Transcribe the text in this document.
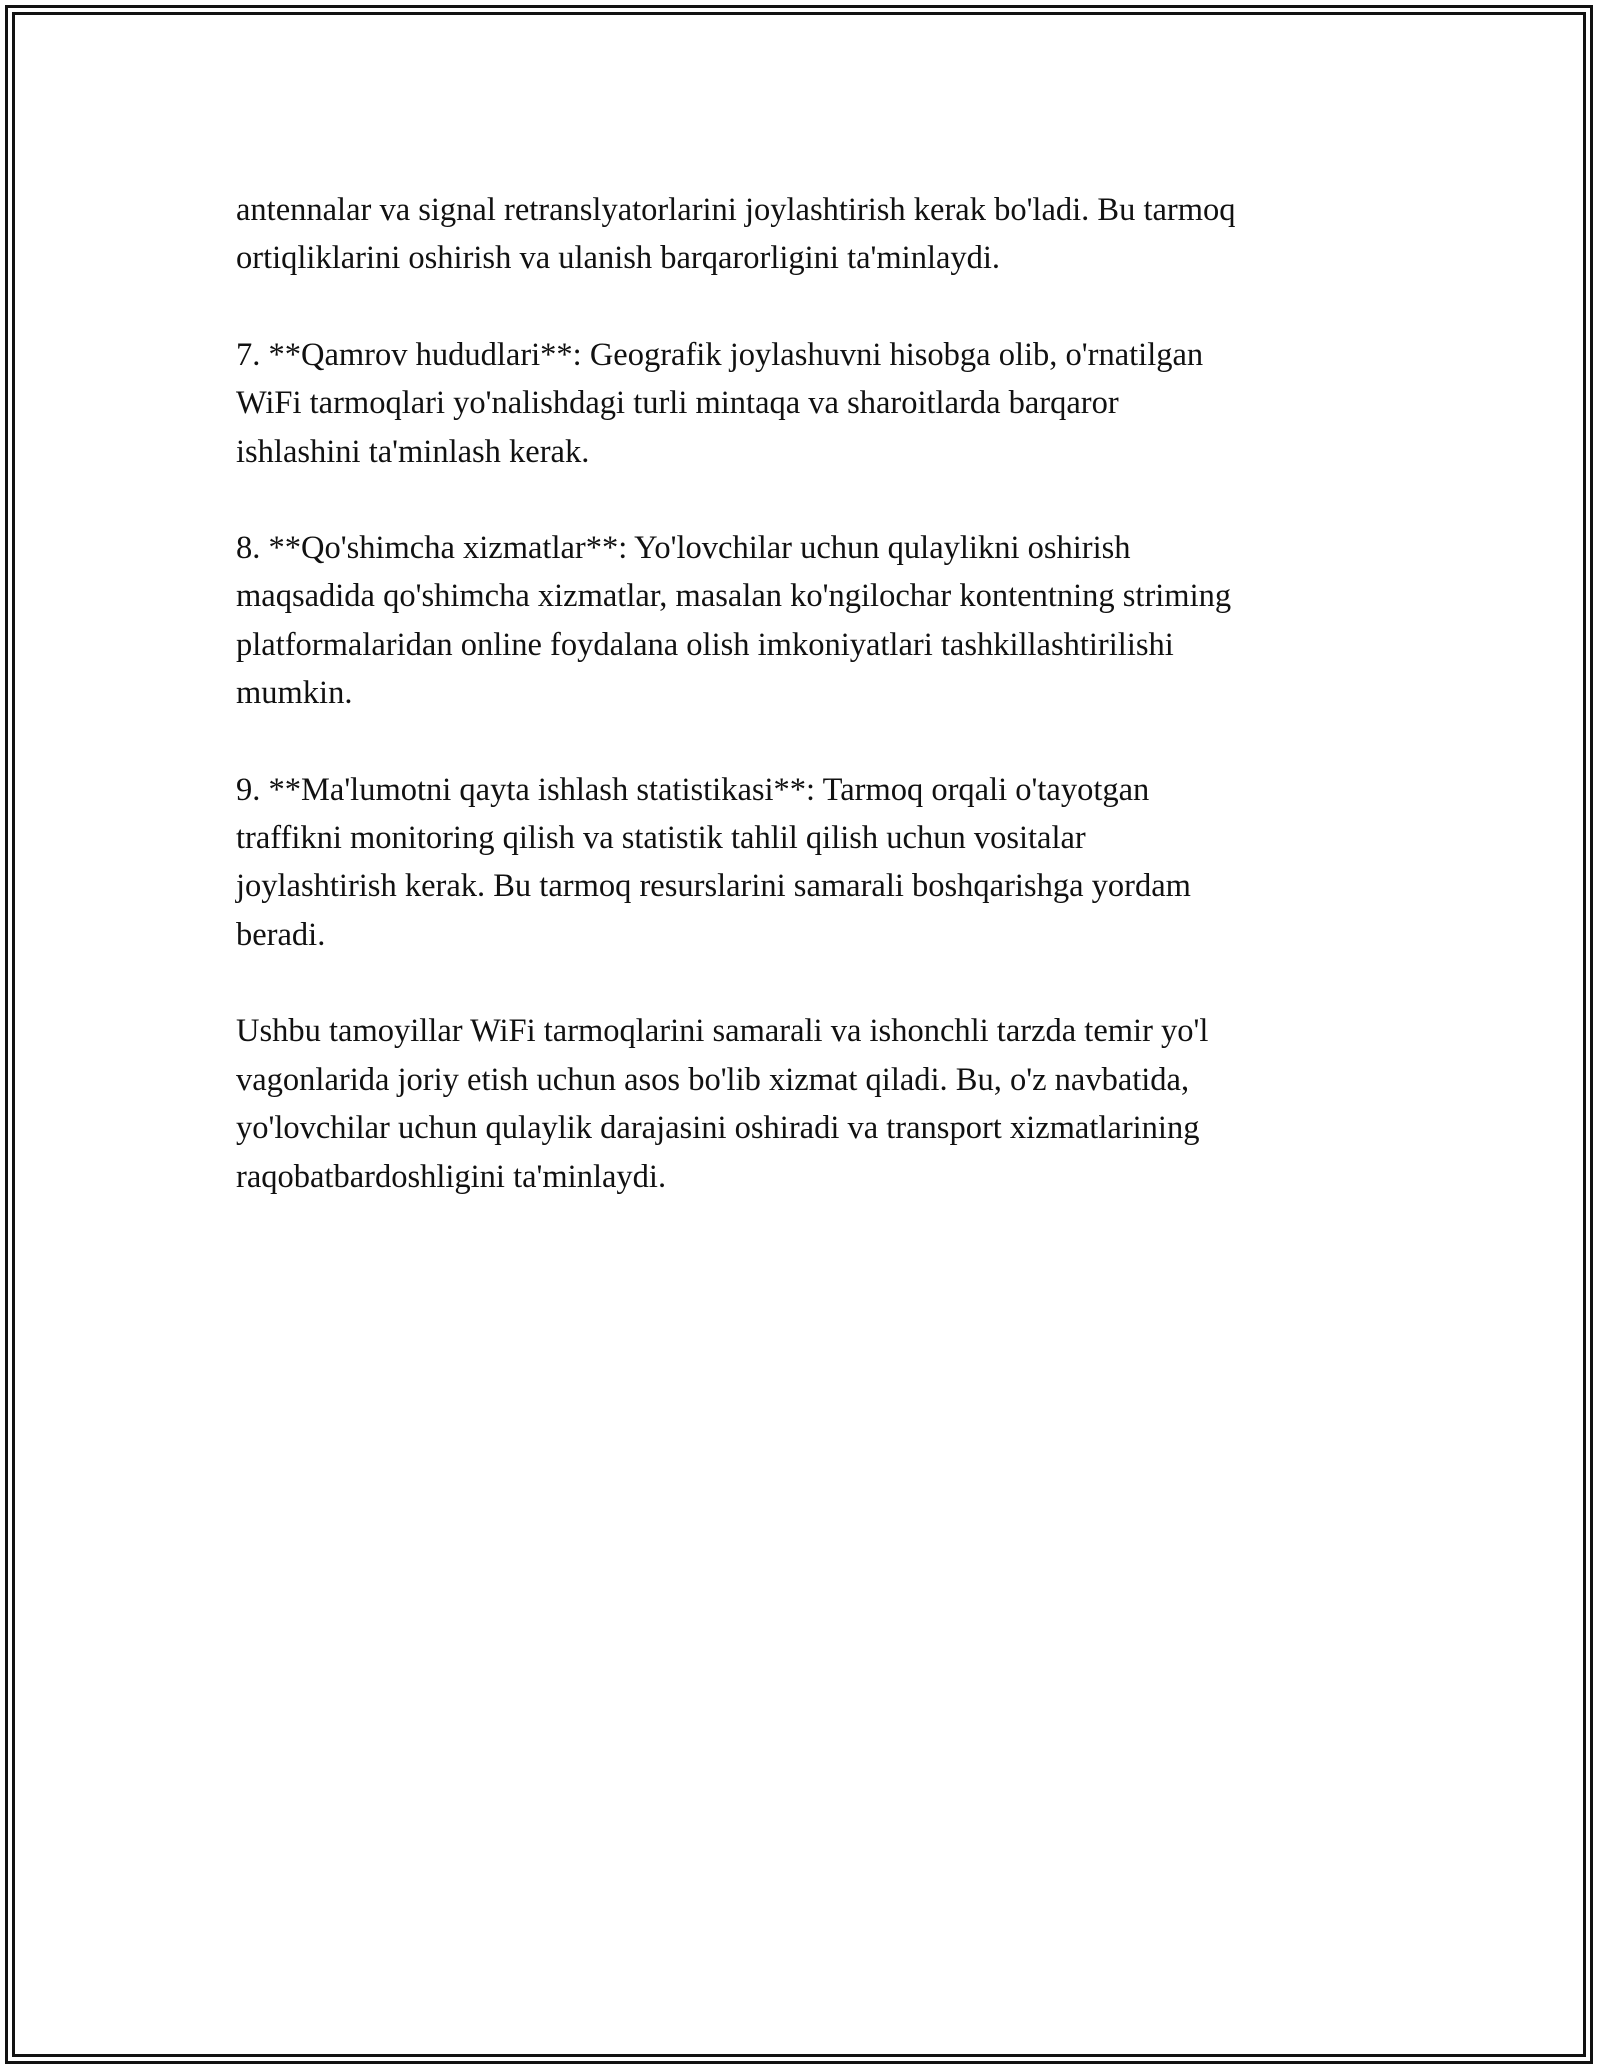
antennalar va signal retranslyatorlarini joylashtirish kerak bo'ladi. Bu tarmoq
ortiqliklarini oshirish va ulanish barqarorligini ta'minlaydi.

7. **Qamrov hududlari**: Geografik joylashuvni hisobga olib, o'rnatilgan
WiFi tarmoqlari yo'nalishdagi turli mintaqa va sharoitlarda barqaror
ishlashini ta'minlash kerak.

8. **Qo'shimcha xizmatlar**: Yo'lovchilar uchun qulaylikni oshirish
maqsadida qo'shimcha xizmatlar, masalan ko'ngilochar kontentning striming
platformalaridan online foydalana olish imkoniyatlari tashkillashtirilishi
mumkin.

9. **Ma'lumotni qayta ishlash statistikasi**: Tarmoq orqali o'tayotgan
traffikni monitoring qilish va statistik tahlil qilish uchun vositalar
joylashtirish kerak. Bu tarmoq resurslarini samarali boshqarishga yordam
beradi.

Ushbu tamoyillar WiFi tarmoqlarini samarali va ishonchli tarzda temir yo'l
vagonlarida joriy etish uchun asos bo'lib xizmat qiladi. Bu, o'z navbatida,
yo'lovchilar uchun qulaylik darajasini oshiradi va transport xizmatlarining
raqobatbardoshligini ta'minlaydi.
